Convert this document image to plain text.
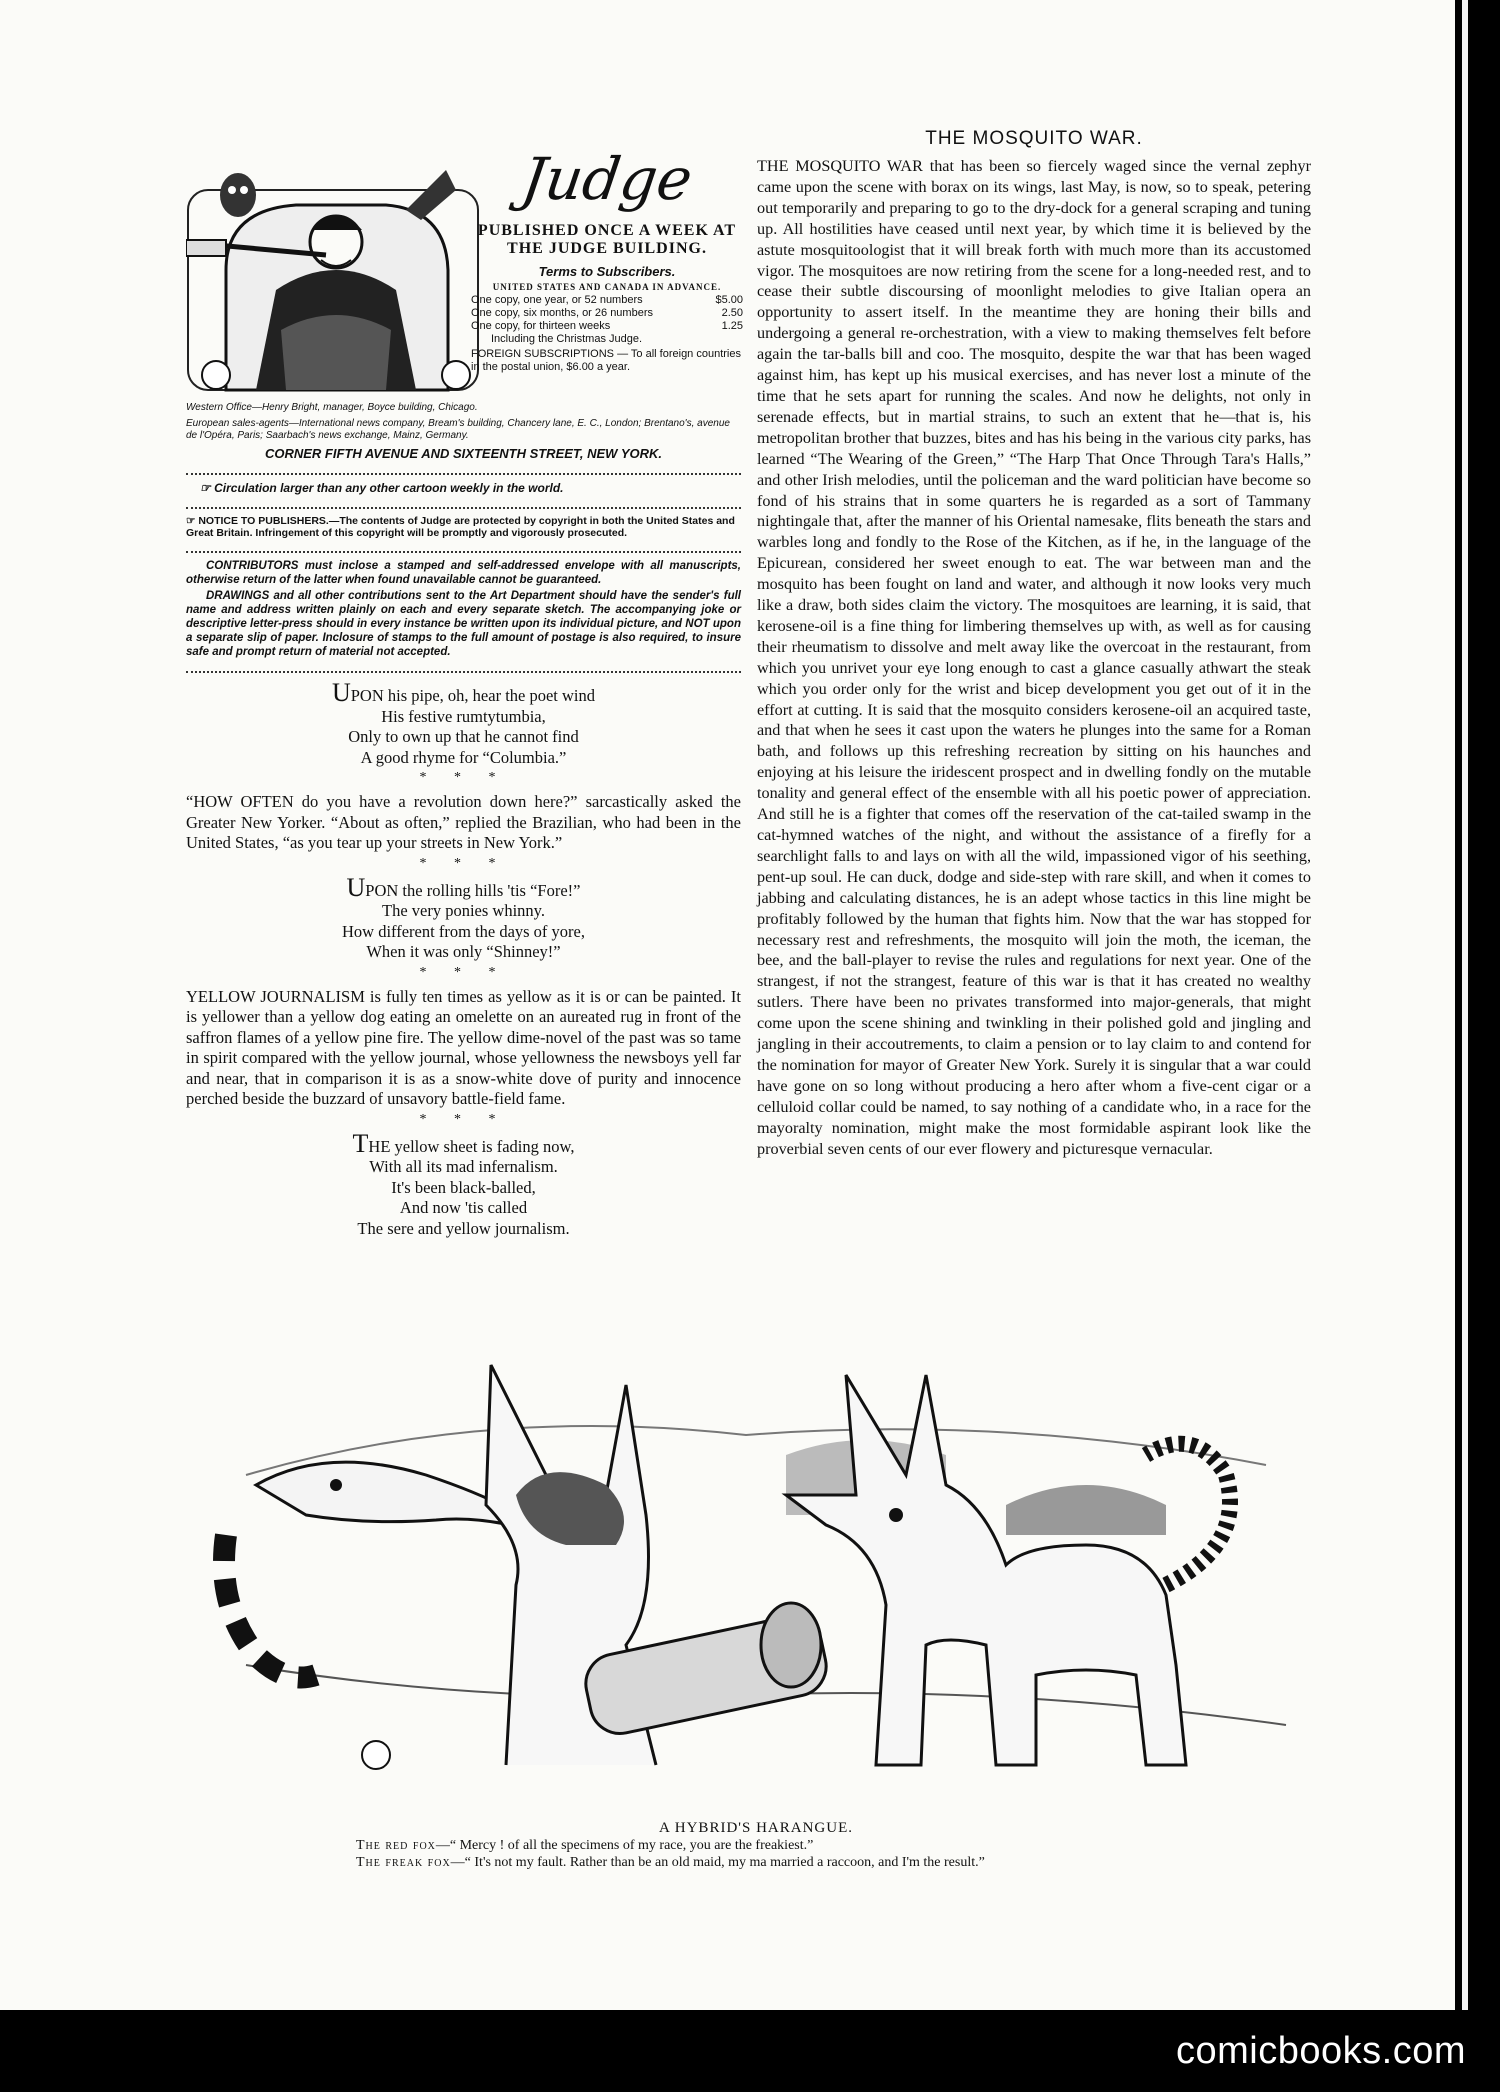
Judge
PUBLISHED ONCE A WEEK AT THE JUDGE BUILDING.
Terms to Subscribers.
UNITED STATES AND CANADA IN ADVANCE.
One copy, one year, or 52 numbers	$5.00
One copy, six months, or 26 numbers	2.50
One copy, for thirteen weeks	1.25
Including the Christmas Judge.
FOREIGN SUBSCRIPTIONS — To all foreign countries in the postal union, $6.00 a year.
Western Office—Henry Bright, manager, Boyce building, Chicago.
European sales-agents—International news company, Bream's building, Chancery lane, E. C., London; Brentano's, avenue de l'Opéra, Paris; Saarbach's news exchange, Mainz, Germany.
CORNER FIFTH AVENUE AND SIXTEENTH STREET, NEW YORK.
☞ Circulation larger than any other cartoon weekly in the world.
☞ NOTICE TO PUBLISHERS.—The contents of Judge are protected by copyright in both the United States and Great Britain. Infringement of this copyright will be promptly and vigorously prosecuted.
CONTRIBUTORS must inclose a stamped and self-addressed envelope with all manuscripts, otherwise return of the latter when found unavailable cannot be guaranteed.
DRAWINGS and all other contributions sent to the Art Department should have the sender's full name and address written plainly on each and every separate sketch. The accompanying joke or descriptive letter-press should in every instance be written upon its individual picture, and NOT upon a separate slip of paper. Inclosure of stamps to the full amount of postage is also required, to insure safe and prompt return of material not accepted.
UPON his pipe, oh, hear the poet wind
His festive rumtytumbia,
Only to own up that he cannot find
A good rhyme for “Columbia.”
* * *

“HOW OFTEN do you have a revolution down here?” sarcastically asked the Greater New Yorker. “About as often,” replied the Brazilian, who had been in the United States, “as you tear up your streets in New York.”

* * *
UPON the rolling hills 'tis “Fore!”
The very ponies whinny.
How different from the days of yore,
When it was only “Shinney!”
* * *

YELLOW JOURNALISM is fully ten times as yellow as it is or can be painted. It is yellower than a yellow dog eating an omelette on an aureated rug in front of the saffron flames of a yellow pine fire. The yellow dime-novel of the past was so tame in spirit compared with the yellow journal, whose yellowness the newsboys yell far and near, that in comparison it is as a snow-white dove of purity and innocence perched beside the buzzard of unsavory battle-field fame.

* * *
THE yellow sheet is fading now,
With all its mad infernalism.
It's been black-balled,
And now 'tis called
The sere and yellow journalism.
THE MOSQUITO WAR.

THE MOSQUITO WAR that has been so fiercely waged since the vernal zephyr came upon the scene with borax on its wings, last May, is now, so to speak, petering out temporarily and preparing to go to the dry-dock for a general scraping and tuning up. All hostilities have ceased until next year, by which time it is believed by the astute mosquitoologist that it will break forth with much more than its accustomed vigor. The mosquitoes are now retiring from the scene for a long-needed rest, and to cease their subtle discoursing of moonlight melodies to give Italian opera an opportunity to assert itself. In the meantime they are honing their bills and undergoing a general re-orchestration, with a view to making themselves felt before again the tar-balls bill and coo. The mosquito, despite the war that has been waged against him, has kept up his musical exercises, and has never lost a minute of the time that he sets apart for running the scales. And now he delights, not only in serenade effects, but in martial strains, to such an extent that he—that is, his metropolitan brother that buzzes, bites and has his being in the various city parks, has learned “The Wearing of the Green,” “The Harp That Once Through Tara's Halls,” and other Irish melodies, until the policeman and the ward politician have become so fond of his strains that in some quarters he is regarded as a sort of Tammany nightingale that, after the manner of his Oriental namesake, flits beneath the stars and warbles long and fondly to the Rose of the Kitchen, as if he, in the language of the Epicurean, considered her sweet enough to eat. The war between man and the mosquito has been fought on land and water, and although it now looks very much like a draw, both sides claim the victory. The mosquitoes are learning, it is said, that kerosene-oil is a fine thing for limbering themselves up with, as well as for causing their rheumatism to dissolve and melt away like the overcoat in the restaurant, from which you unrivet your eye long enough to cast a glance casually athwart the steak which you order only for the wrist and bicep development you get out of it in the effort at cutting. It is said that the mosquito considers kerosene-oil an acquired taste, and that when he sees it cast upon the waters he plunges into the same for a Roman bath, and follows up this refreshing recreation by sitting on his haunches and enjoying at his leisure the iridescent prospect and in dwelling fondly on the mutable tonality and general effect of the ensemble with all his poetic power of appreciation. And still he is a fighter that comes off the reservation of the cat-tailed swamp in the cat-hymned watches of the night, and without the assistance of a firefly for a searchlight falls to and lays on with all the wild, impassioned vigor of his seething, pent-up soul. He can duck, dodge and side-step with rare skill, and when it comes to jabbing and calculating distances, he is an adept whose tactics in this line might be profitably followed by the human that fights him. Now that the war has stopped for necessary rest and refreshments, the mosquito will join the moth, the iceman, the bee, and the ball-player to revise the rules and regulations for next year. One of the strangest, if not the strangest, feature of this war is that it has created no wealthy sutlers. There have been no privates transformed into major-generals, that might come upon the scene shining and twinkling in their polished gold and jingling and jangling in their accoutrements, to claim a pension or to lay claim to and contend for the nomination for mayor of Greater New York. Surely it is singular that a war could have gone on so long without producing a hero after whom a five-cent cigar or a celluloid collar could be named, to say nothing of a candidate who, in a race for the mayoralty nomination, might make the most formidable aspirant look like the proverbial seven cents of our ever flowery and picturesque vernacular.

A HYBRID'S HARANGUE.
The red fox—“ Mercy ! of all the specimens of my race, you are the freakiest.”
The freak fox—“ It's not my fault. Rather than be an old maid, my ma married a raccoon, and I'm the result.”
comicbooks.com
